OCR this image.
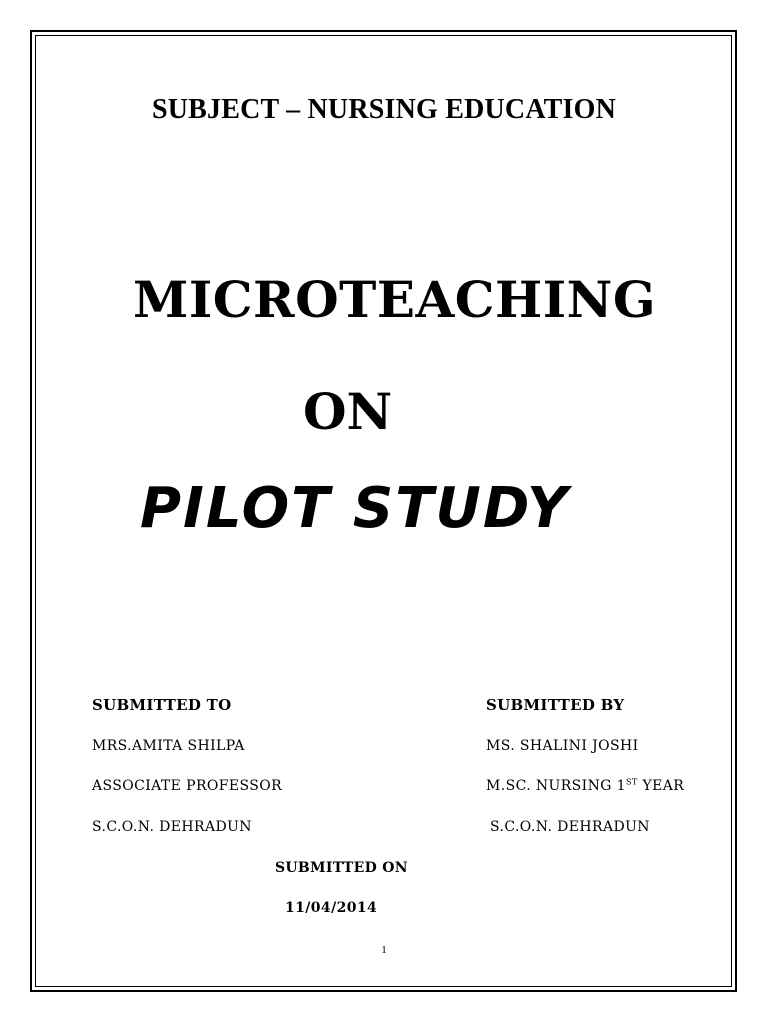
SUBJECT – NURSING EDUCATION
MICROTEACHING
ON
PILOT STUDY
SUBMITTED TO
MRS.AMITA SHILPA
ASSOCIATE PROFESSOR
S.C.O.N. DEHRADUN
SUBMITTED BY
MS. SHALINI JOSHI
M.SC. NURSING 1ST YEAR
S.C.O.N. DEHRADUN
SUBMITTED ON
11/04/2014
1
